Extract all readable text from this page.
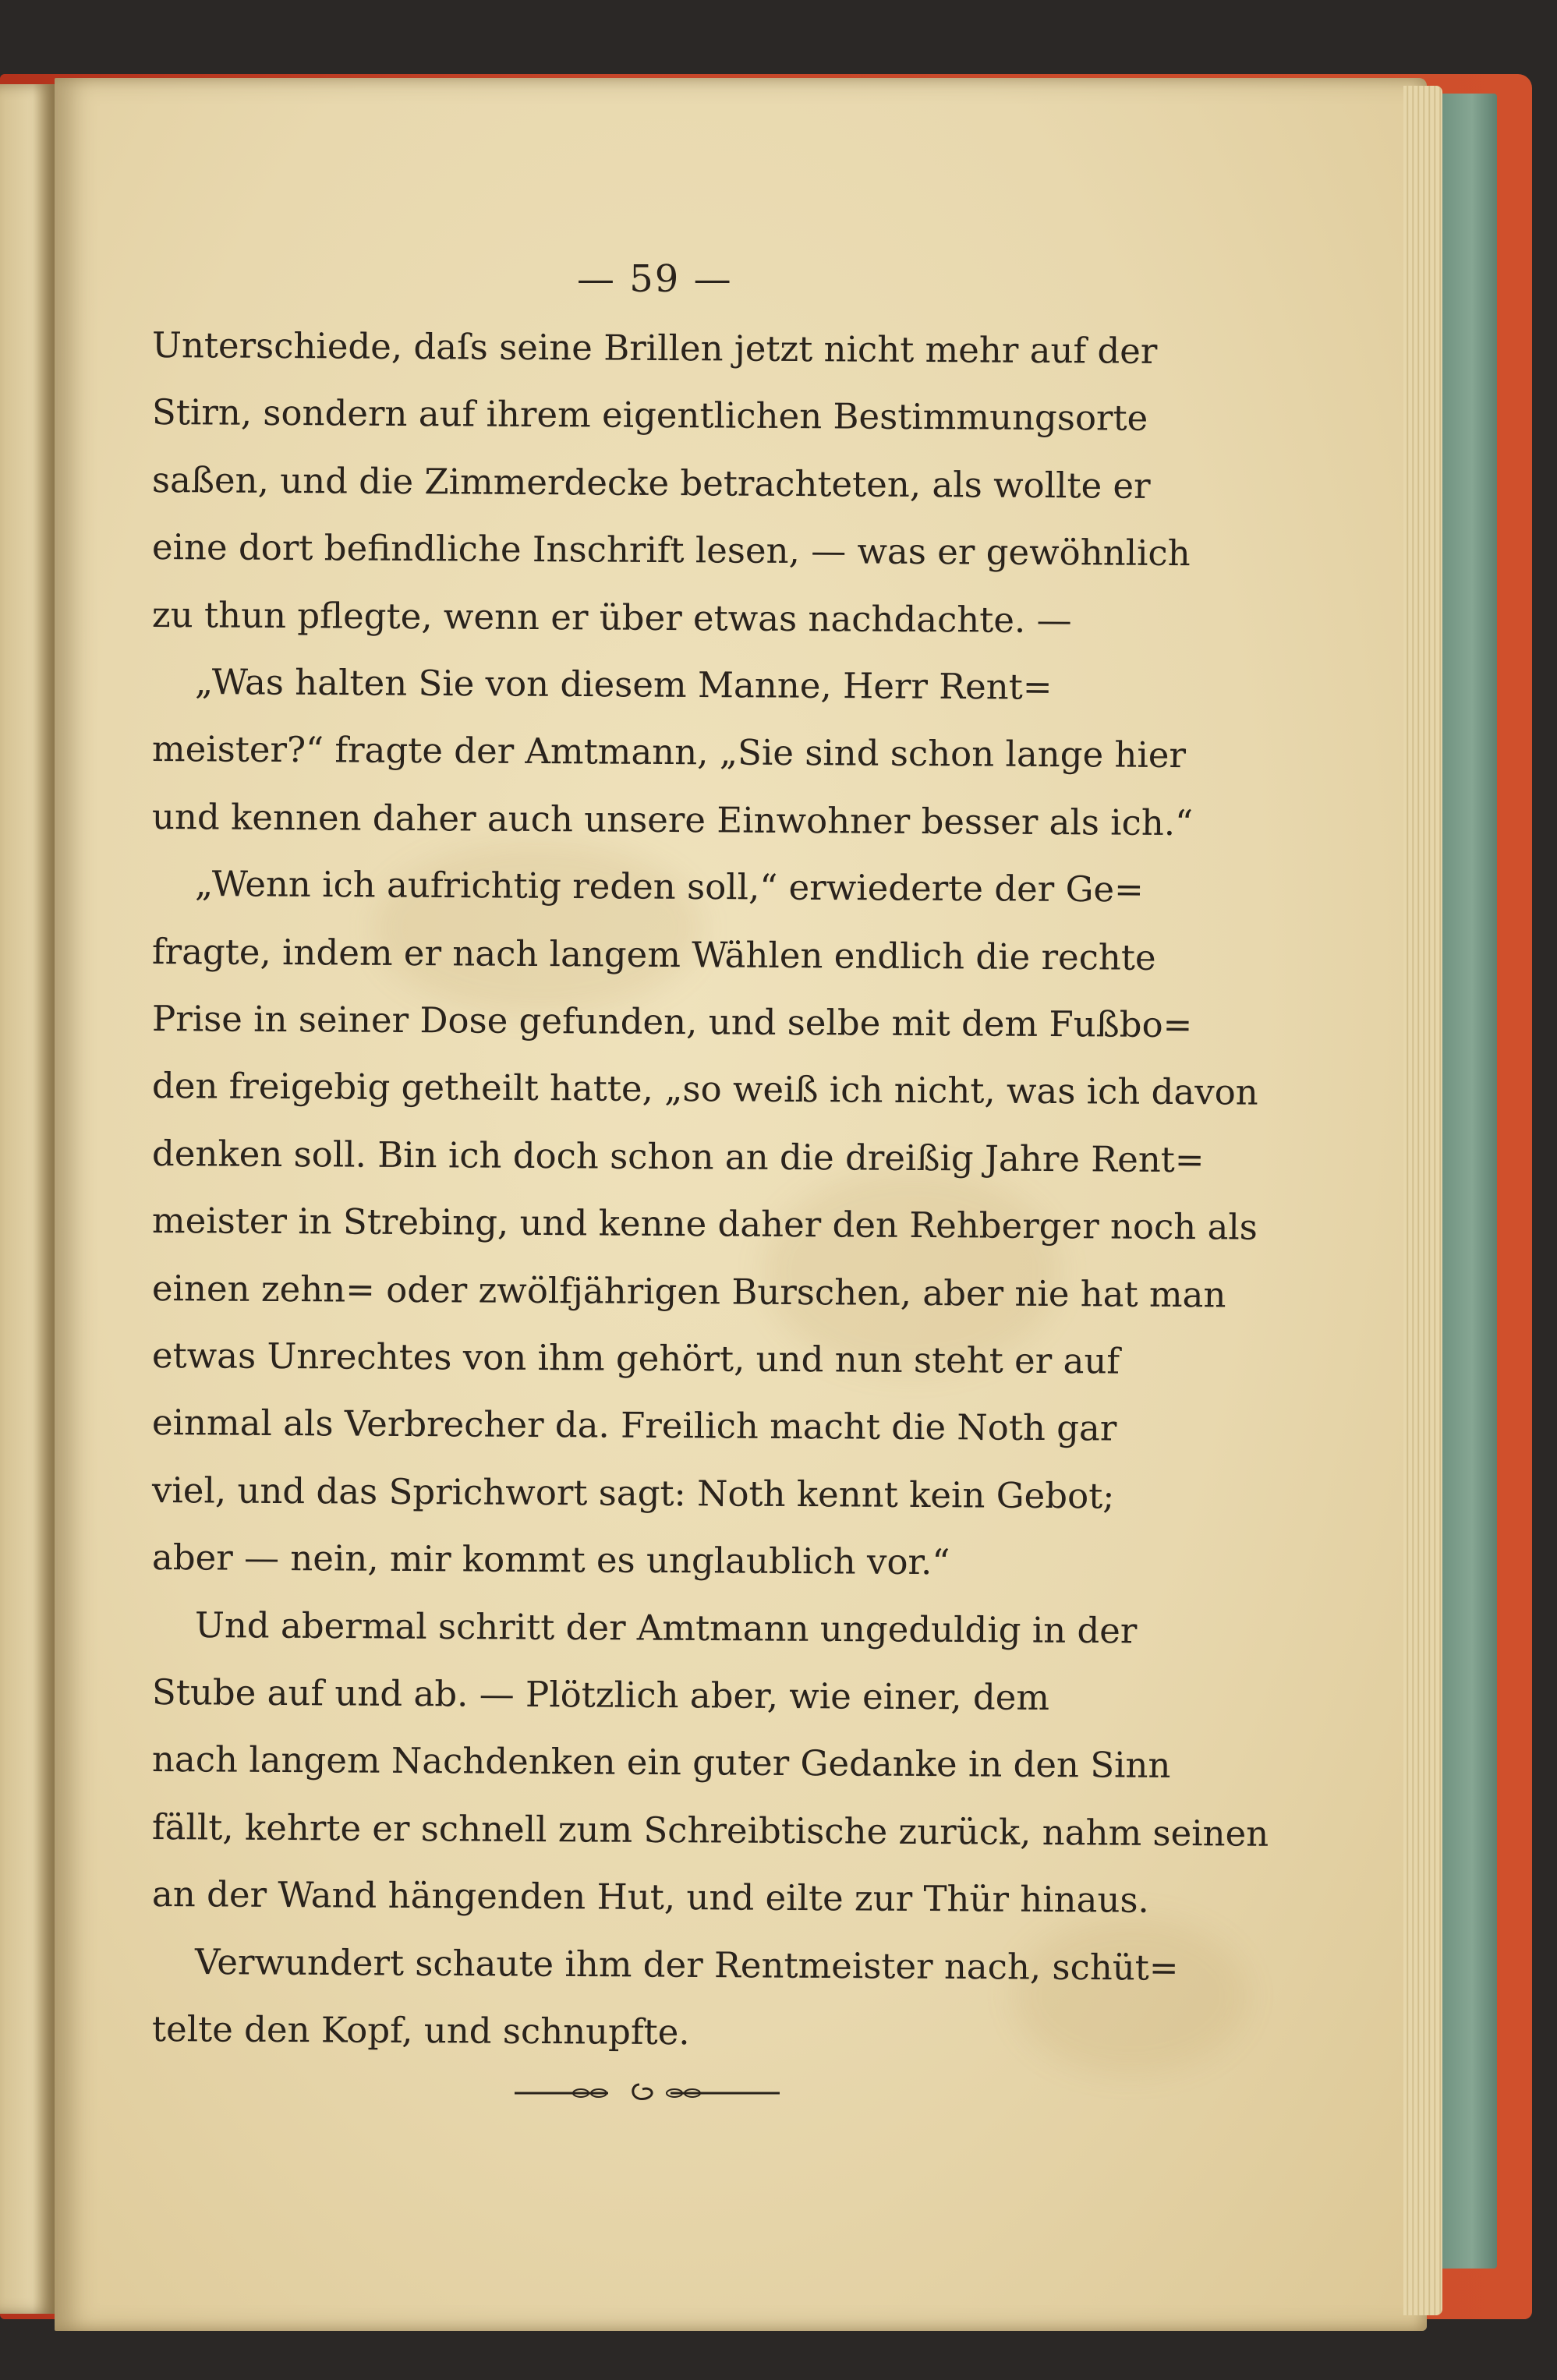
— 59 —
Unterschiede, daſs seine Brillen jetzt nicht mehr auf der
Stirn, sondern auf ihrem eigentlichen Bestimmungsorte
saßen, und die Zimmerdecke betrachteten, als wollte er
eine dort befindliche Inschrift lesen, — was er gewöhnlich
zu thun pflegte, wenn er über etwas nachdachte. —
„Was halten Sie von diesem Manne, Herr Rent=
meister?“ fragte der Amtmann, „Sie sind schon lange hier
und kennen daher auch unsere Einwohner besser als ich.“
„Wenn ich aufrichtig reden soll,“ erwiederte der Ge=
fragte, indem er nach langem Wählen endlich die rechte
Prise in seiner Dose gefunden, und selbe mit dem Fußbo=
den freigebig getheilt hatte, „so weiß ich nicht, was ich davon
denken soll. Bin ich doch schon an die dreißig Jahre Rent=
meister in Strebing, und kenne daher den Rehberger noch als
einen zehn= oder zwölfjährigen Burschen, aber nie hat man
etwas Unrechtes von ihm gehört, und nun steht er auf
einmal als Verbrecher da. Freilich macht die Noth gar
viel, und das Sprichwort sagt: Noth kennt kein Gebot;
aber — nein, mir kommt es unglaublich vor.“
Und abermal schritt der Amtmann ungeduldig in der
Stube auf und ab. — Plötzlich aber, wie einer, dem
nach langem Nachdenken ein guter Gedanke in den Sinn
fällt, kehrte er schnell zum Schreibtische zurück, nahm seinen
an der Wand hängenden Hut, und eilte zur Thür hinaus.
Verwundert schaute ihm der Rentmeister nach, schüt=
telte den Kopf, und schnupfte.
